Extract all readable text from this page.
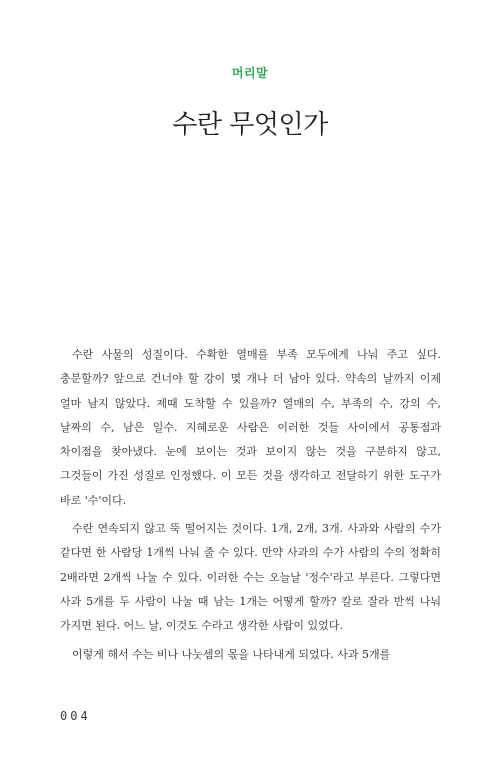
머리말
수란 무엇인가

수란 사물의 성질이다. 수확한 열매를 부족 모두에게 나눠 주고 싶다. 충분할까? 앞으로 건너야 할 강이 몇 개나 더 남아 있다. 약속의 날까지 이제 얼마 남지 않았다. 제때 도착할 수 있을까? 열매의 수, 부족의 수, 강의 수, 날짜의 수, 남은 일수. 지혜로운 사람은 이러한 것들 사이에서 공통점과 차이점을 찾아냈다. 눈에 보이는 것과 보이지 않는 것을 구분하지 않고, 그것들이 가진 성질로 인정했다. 이 모든 것을 생각하고 전달하기 위한 도구가 바로 '수'이다.

수란 연속되지 않고 뚝 떨어지는 것이다. 1개, 2개, 3개. 사과와 사람의 수가 같다면 한 사람당 1개씩 나눠 줄 수 있다. 만약 사과의 수가 사람의 수의 정확히 2배라면 2개씩 나눌 수 있다. 이러한 수는 오늘날 '정수'라고 부른다. 그렇다면 사과 5개를 두 사람이 나눌 때 남는 1개는 어떻게 할까? 칼로 잘라 반씩 나눠 가지면 된다. 어느 날, 이것도 수라고 생각한 사람이 있었다.

이렇게 해서 수는 비나 나눗셈의 몫을 나타내게 되었다. 사과 5개를

004
